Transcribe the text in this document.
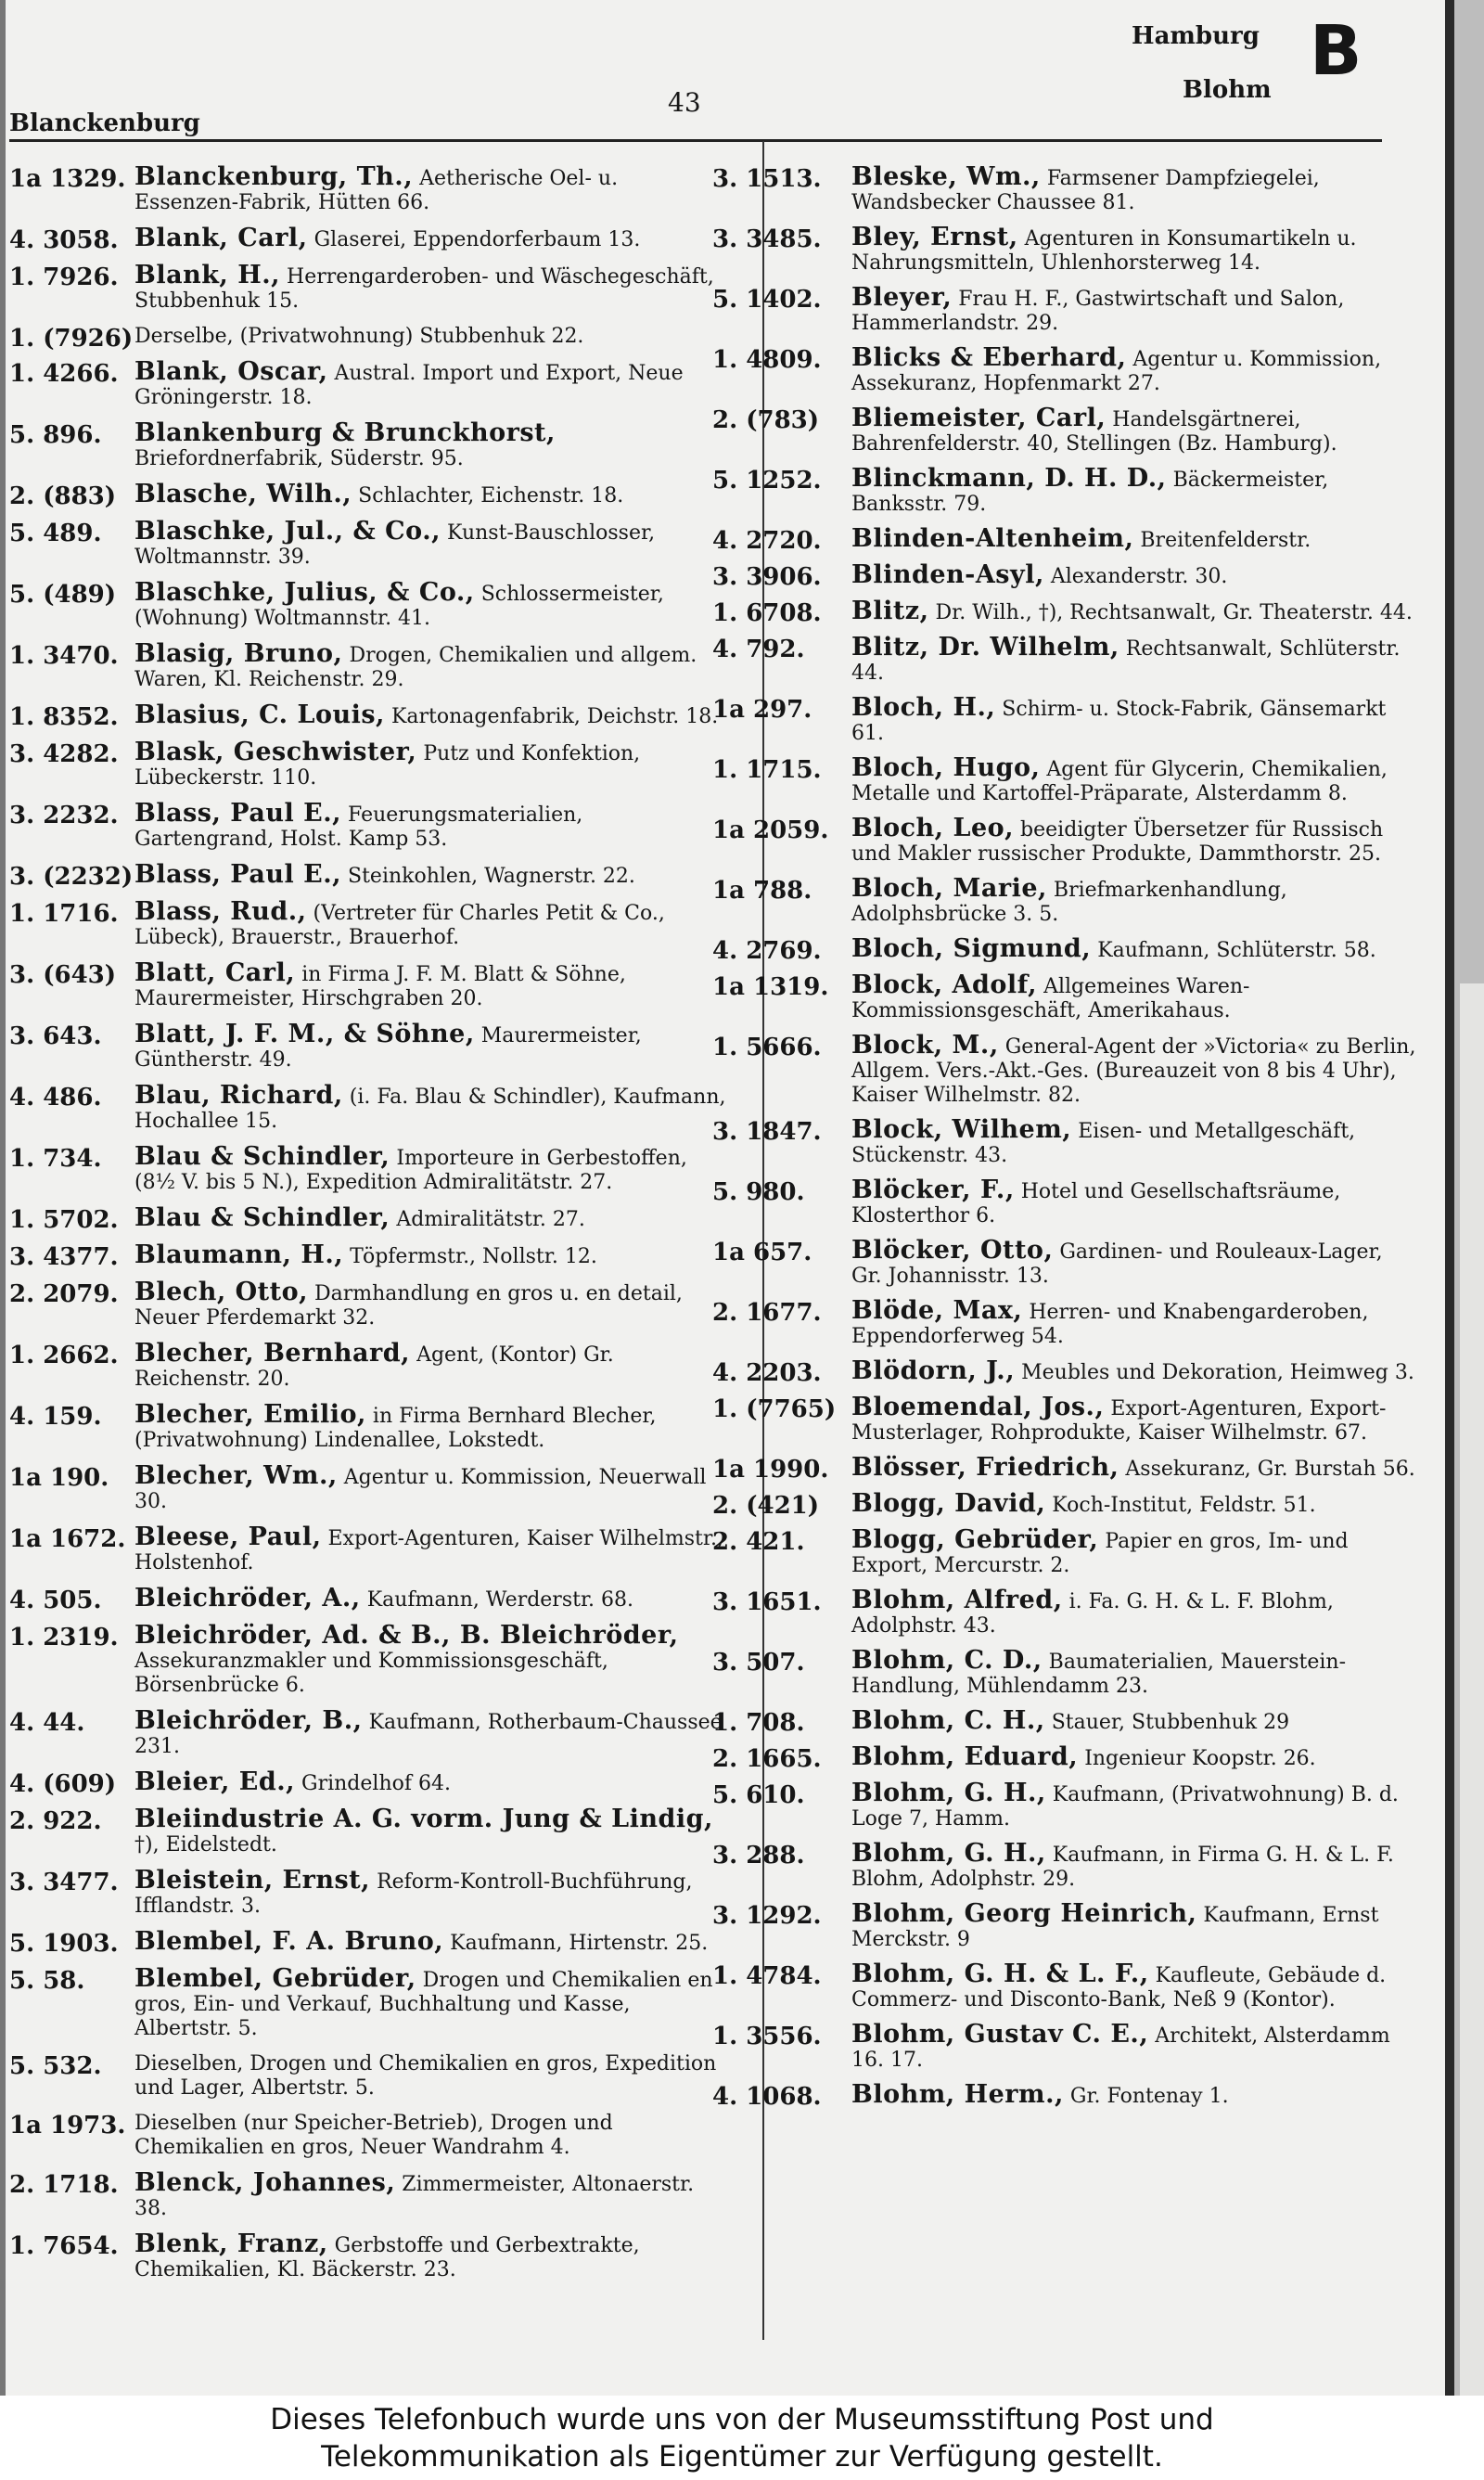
Blanckenburg
43
Hamburg
Blohm B
1a 1329. Blanckenburg, Th., Aetherische Oel- u. Essenzen-Fabrik, Hütten 66.
4. 3058. Blank, Carl, Glaserei, Eppendorferbaum 13.
1. 7926. Blank, H., Herrengarderoben- und Wäschegeschäft, Stubbenhuk 15.
1. (7926) Derselbe, (Privatwohnung) Stubbenhuk 22.
1. 4266. Blank, Oscar, Austral. Import und Export, Neue Gröningerstr. 18.
5. 896. Blankenburg & Brunckhorst, Briefordnerfabrik, Süderstr. 95.
2. (883) Blasche, Wilh., Schlachter, Eichenstr. 18.
5. 489. Blaschke, Jul., & Co., Kunst-Bauschlosser, Woltmannstr. 39.
5. (489) Blaschke, Julius, & Co., Schlossermeister, (Wohnung) Woltmannstr. 41.
1. 3470. Blasig, Bruno, Drogen, Chemikalien und allgem. Waren, Kl. Reichenstr. 29.
1. 8352. Blasius, C. Louis, Kartonagenfabrik, Deichstr. 18.
3. 4282. Blask, Geschwister, Putz und Konfektion, Lübeckerstr. 110.
3. 2232. Blass, Paul E., Feuerungsmaterialien, Gartengrand, Holst. Kamp 53.
3. (2232) Blass, Paul E., Steinkohlen, Wagnerstr. 22.
1. 1716. Blass, Rud., (Vertreter für Charles Petit & Co., Lübeck), Brauerstr., Brauerhof.
3. (643) Blatt, Carl, in Firma J. F. M. Blatt & Söhne, Maurermeister, Hirschgraben 20.
3. 643. Blatt, J. F. M., & Söhne, Maurermeister, Güntherstr. 49.
4. 486. Blau, Richard, (i. Fa. Blau & Schindler), Kaufmann, Hochallee 15.
1. 734. Blau & Schindler, Importeure in Gerbestoffen, (8½ V. bis 5 N.), Expedition Admiralitätstr. 27.
1. 5702. Blau & Schindler, Admiralitätstr. 27.
3. 4377. Blaumann, H., Töpfermstr., Nollstr. 12.
2. 2079. Blech, Otto, Darmhandlung en gros u. en detail, Neuer Pferdemarkt 32.
1. 2662. Blecher, Bernhard, Agent, (Kontor) Gr. Reichenstr. 20.
4. 159. Blecher, Emilio, in Firma Bernhard Blecher, (Privatwohnung) Lindenallee, Lokstedt.
1a 190. Blecher, Wm., Agentur u. Kommission, Neuerwall 30.
1a 1672. Bleese, Paul, Export-Agenturen, Kaiser Wilhelmstr., Holstenhof.
4. 505. Bleichröder, A., Kaufmann, Werderstr. 68.
1. 2319. Bleichröder, Ad. & B., B. Bleichröder, Assekuranzmakler und Kommissionsgeschäft, Börsenbrücke 6.
4. 44. Bleichröder, B., Kaufmann, Rotherbaum-Chaussee 231.
4. (609) Bleier, Ed., Grindelhof 64.
2. 922. Bleiindustrie A. G. vorm. Jung & Lindig, †), Eidelstedt.
3. 3477. Bleistein, Ernst, Reform-Kontroll-Buchführung, Ifflandstr. 3.
5. 1903. Blembel, F. A. Bruno, Kaufmann, Hirtenstr. 25.
5. 58. Blembel, Gebrüder, Drogen und Chemikalien en gros, Ein- und Verkauf, Buchhaltung und Kasse, Albertstr. 5.
5. 532. Dieselben, Drogen und Chemikalien en gros, Expedition und Lager, Albertstr. 5.
1a 1973. Dieselben (nur Speicher-Betrieb), Drogen und Chemikalien en gros, Neuer Wandrahm 4.
2. 1718. Blenck, Johannes, Zimmermeister, Altonaerstr. 38.
1. 7654. Blenk, Franz, Gerbstoffe und Gerbextrakte, Chemikalien, Kl. Bäckerstr. 23.
3. 1513. Bleske, Wm., Farmsener Dampfziegelei, Wandsbecker Chaussee 81.
3. 3485. Bley, Ernst, Agenturen in Konsumartikeln u. Nahrungsmitteln, Uhlenhorsterweg 14.
5. 1402. Bleyer, Frau H. F., Gastwirtschaft und Salon, Hammerlandstr. 29.
1. 4809. Blicks & Eberhard, Agentur u. Kommission, Assekuranz, Hopfenmarkt 27.
2. (783) Bliemeister, Carl, Handelsgärtnerei, Bahrenfelderstr. 40, Stellingen (Bz. Hamburg).
5. 1252. Blinckmann, D. H. D., Bäckermeister, Banksstr. 79.
4. 2720. Blinden-Altenheim, Breitenfelderstr.
3. 3906. Blinden-Asyl, Alexanderstr. 30.
1. 6708. Blitz, Dr. Wilh., †), Rechtsanwalt, Gr. Theaterstr. 44.
4. 792. Blitz, Dr. Wilhelm, Rechtsanwalt, Schlüterstr. 44.
1a 297. Bloch, H., Schirm- u. Stock-Fabrik, Gänsemarkt 61.
1. 1715. Bloch, Hugo, Agent für Glycerin, Chemikalien, Metalle und Kartoffel-Präparate, Alsterdamm 8.
1a 2059. Bloch, Leo, beeidigter Übersetzer für Russisch und Makler russischer Produkte, Dammthorstr. 25.
1a 788. Bloch, Marie, Briefmarkenhandlung, Adolphsbrücke 3. 5.
4. 2769. Bloch, Sigmund, Kaufmann, Schlüterstr. 58.
1a 1319. Block, Adolf, Allgemeines Waren-Kommissionsgeschäft, Amerikahaus.
1. 5666. Block, M., General-Agent der »Victoria« zu Berlin, Allgem. Vers.-Akt.-Ges. (Bureauzeit von 8 bis 4 Uhr), Kaiser Wilhelmstr. 82.
3. 1847. Block, Wilhem, Eisen- und Metallgeschäft, Stückenstr. 43.
5. 980. Blöcker, F., Hotel und Gesellschaftsräume, Klosterthor 6.
1a 657. Blöcker, Otto, Gardinen- und Rouleaux-Lager, Gr. Johannisstr. 13.
2. 1677. Blöde, Max, Herren- und Knabengarderoben, Eppendorferweg 54.
4. 2203. Blödorn, J., Meubles und Dekoration, Heimweg 3.
1. (7765) Bloemendal, Jos., Export-Agenturen, Export-Musterlager, Rohprodukte, Kaiser Wilhelmstr. 67.
1a 1990. Blösser, Friedrich, Assekuranz, Gr. Burstah 56.
2. (421) Blogg, David, Koch-Institut, Feldstr. 51.
2. 421. Blogg, Gebrüder, Papier en gros, Im- und Export, Mercurstr. 2.
3. 1651. Blohm, Alfred, i. Fa. G. H. & L. F. Blohm, Adolphstr. 43.
3. 507. Blohm, C. D., Baumaterialien, Mauerstein-Handlung, Mühlendamm 23.
1. 708. Blohm, C. H., Stauer, Stubbenhuk 29
2. 1665. Blohm, Eduard, Ingenieur Koopstr. 26.
5. 610. Blohm, G. H., Kaufmann, (Privatwohnung) B. d. Loge 7, Hamm.
3. 288. Blohm, G. H., Kaufmann, in Firma G. H. & L. F. Blohm, Adolphstr. 29.
3. 1292. Blohm, Georg Heinrich, Kaufmann, Ernst Merckstr. 9
1. 4784. Blohm, G. H. & L. F., Kaufleute, Gebäude d. Commerz- und Disconto-Bank, Neß 9 (Kontor).
1. 3556. Blohm, Gustav C. E., Architekt, Alsterdamm 16. 17.
4. 1068. Blohm, Herm., Gr. Fontenay 1.
Dieses Telefonbuch wurde uns von der Museumsstiftung Post und
Telekommunikation als Eigentümer zur Verfügung gestellt.
